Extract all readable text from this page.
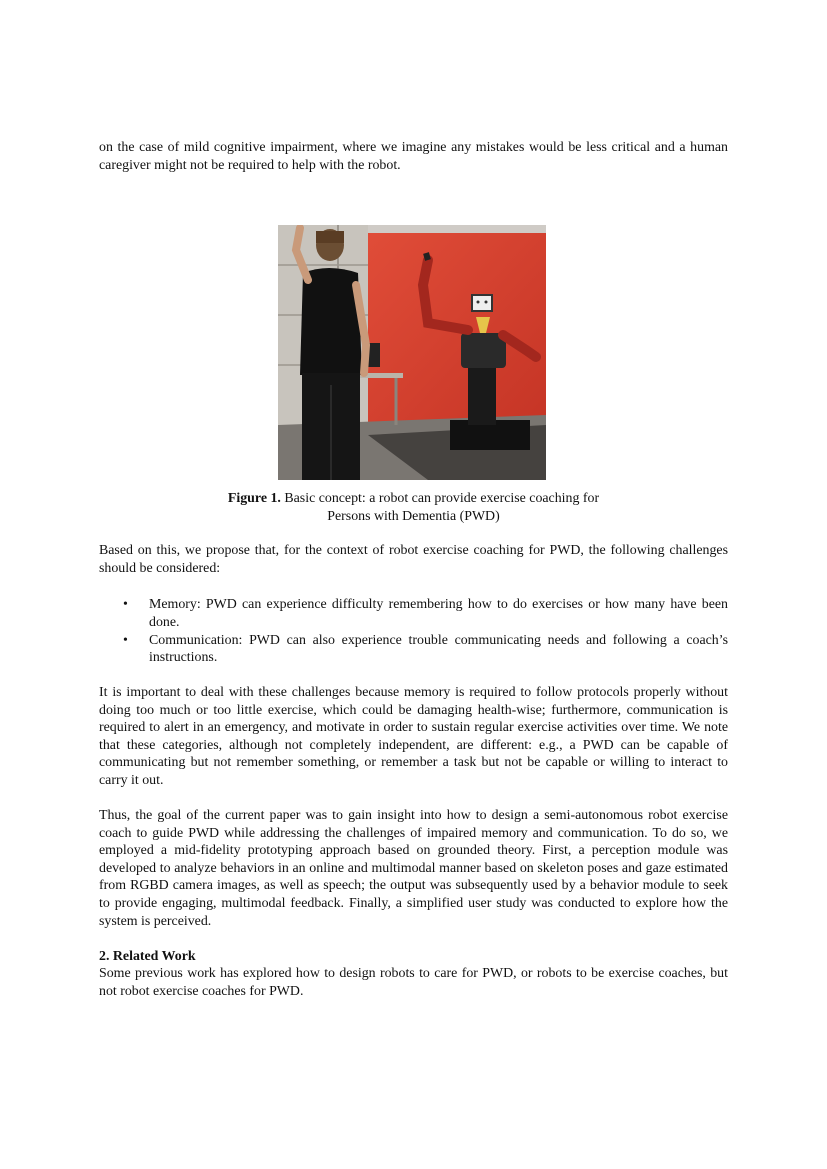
on the case of mild cognitive impairment, where we imagine any mistakes would be less critical and a human caregiver might not be required to help with the robot.

Figure 1. Basic concept: a robot can provide exercise coaching for
Persons with Dementia (PWD)

Based on this, we propose that, for the context of robot exercise coaching for PWD, the following challenges should be considered:

• Memory: PWD can experience difficulty remembering how to do exercises or how many have been done.
• Communication: PWD can also experience trouble communicating needs and following a coach’s instructions.

It is important to deal with these challenges because memory is required to follow protocols properly without doing too much or too little exercise, which could be damaging health-wise; furthermore, communication is required to alert in an emergency, and motivate in order to sustain regular exercise activities over time. We note that these categories, although not completely independent, are different: e.g., a PWD can be capable of communicating but not remember something, or remember a task but not be capable or willing to interact to carry it out.

Thus, the goal of the current paper was to gain insight into how to design a semi-autonomous robot exercise coach to guide PWD while addressing the challenges of impaired memory and communication. To do so, we employed a mid-fidelity prototyping approach based on grounded theory. First, a perception module was developed to analyze behaviors in an online and multimodal manner based on skeleton poses and gaze estimated from RGBD camera images, as well as speech; the output was subsequently used by a behavior module to seek to provide engaging, multimodal feedback. Finally, a simplified user study was conducted to explore how the system is perceived.

2. Related Work

Some previous work has explored how to design robots to care for PWD, or robots to be exercise coaches, but not robot exercise coaches for PWD.
